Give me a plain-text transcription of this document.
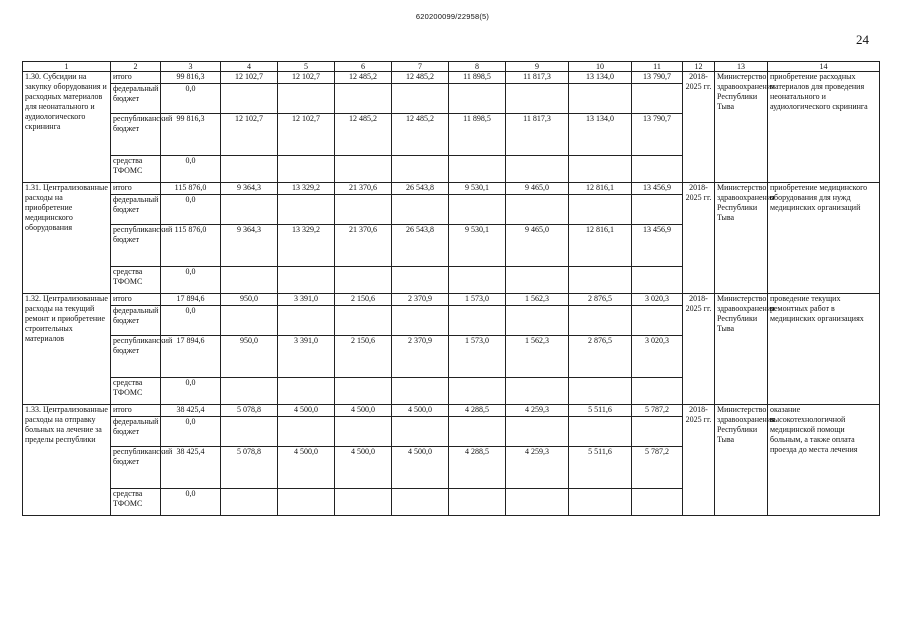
620200099/22958(5)
24
1	2	3	4	5	6	7	8	9	10	11	12	13	14
1.30. Субсидии на закупку оборудования и расходных материалов для неонатального и аудиологического скрининга	итого	99 816,3	12 102,7	12 102,7	12 485,2	12 485,2	11 898,5	11 817,3	13 134,0	13 790,7	2018-2025 гг.	Министерство здравоохранения Республики Тыва	приобретение расходных материалов для проведения неонатального и аудиологического скрининга
	федеральный бюджет	0,0											
	республиканский бюджет	99 816,3	12 102,7	12 102,7	12 485,2	12 485,2	11 898,5	11 817,3	13 134,0	13 790,7			
	средства ТФОМС	0,0											
1.31. Централизованные расходы на приобретение медицинского оборудования	итого	115 876,0	9 364,3	13 329,2	21 370,6	26 543,8	9 530,1	9 465,0	12 816,1	13 456,9	2018-2025 гг.	Министерство здравоохранения Республики Тыва	приобретение медицинского оборудования для нужд медицинских организаций
	федеральный бюджет	0,0											
	республиканский бюджет	115 876,0	9 364,3	13 329,2	21 370,6	26 543,8	9 530,1	9 465,0	12 816,1	13 456,9			
	средства ТФОМС	0,0											
1.32. Централизованные расходы на текущий ремонт и приобретение строительных материалов	итого	17 894,6	950,0	3 391,0	2 150,6	2 370,9	1 573,0	1 562,3	2 876,5	3 020,3	2018-2025 гг.	Министерство здравоохранения Республики Тыва	проведение текущих ремонтных работ в медицинских организациях
	федеральный бюджет	0,0											
	республиканский бюджет	17 894,6	950,0	3 391,0	2 150,6	2 370,9	1 573,0	1 562,3	2 876,5	3 020,3			
	средства ТФОМС	0,0											
1.33. Централизованные расходы на отправку больных на лечение за пределы республики	итого	38 425,4	5 078,8	4 500,0	4 500,0	4 500,0	4 288,5	4 259,3	5 511,6	5 787,2	2018-2025 гг.	Министерство здравоохранения Республики Тыва	оказание высокотехнологичной медицинской помощи больным, а также оплата проезда до места лечения
	федеральный бюджет	0,0											
	республиканский бюджет	38 425,4	5 078,8	4 500,0	4 500,0	4 500,0	4 288,5	4 259,3	5 511,6	5 787,2			
	средства ТФОМС	0,0											
